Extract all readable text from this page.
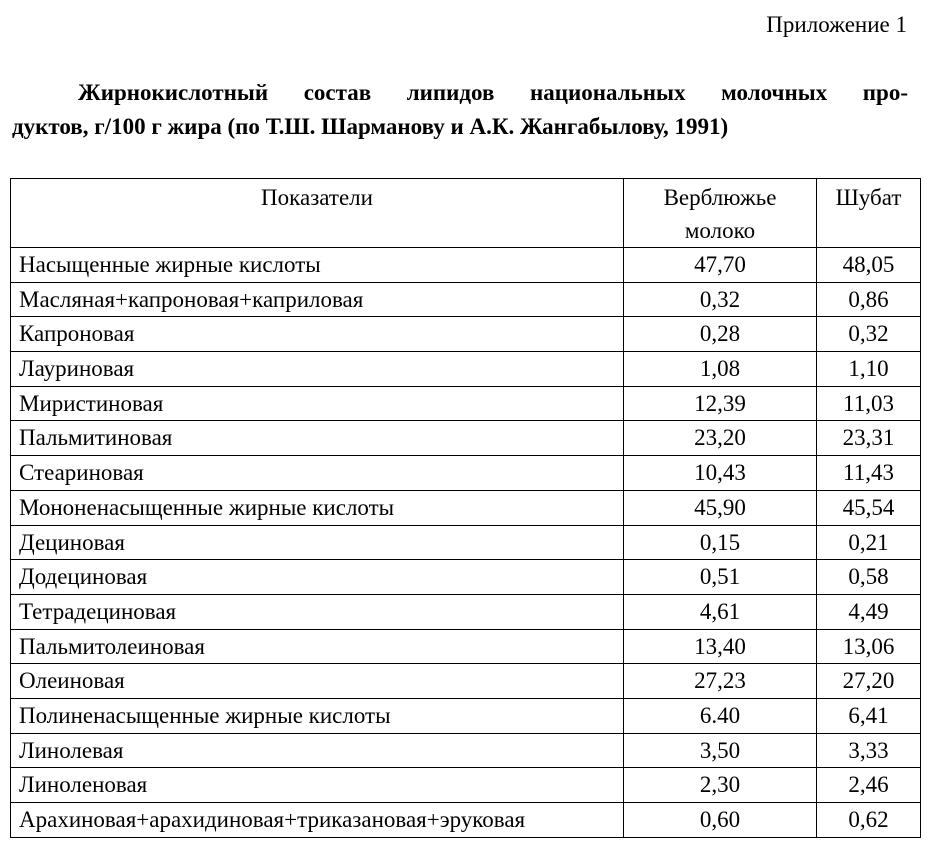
Приложение 1
Жирнокислотный состав липидов национальных молочных про-
дуктов, г/100 г жира (по Т.Ш. Шарманову и А.К. Жангабылову, 1991)
Показатели	Верблюжье молоко	Шубат
Насыщенные жирные кислоты	47,70	48,05
Масляная+капроновая+каприловая	0,32	0,86
Капроновая	0,28	0,32
Лауриновая	1,08	1,10
Миристиновая	12,39	11,03
Пальмитиновая	23,20	23,31
Стеариновая	10,43	11,43
Мононенасыщенные жирные кислоты	45,90	45,54
Дециновая	0,15	0,21
Додециновая	0,51	0,58
Тетрадециновая	4,61	4,49
Пальмитолеиновая	13,40	13,06
Олеиновая	27,23	27,20
Полиненасыщенные жирные кислоты	6.40	6,41
Линолевая	3,50	3,33
Линоленовая	2,30	2,46
Арахиновая+арахидиновая+триказановая+эруковая	0,60	0,62
